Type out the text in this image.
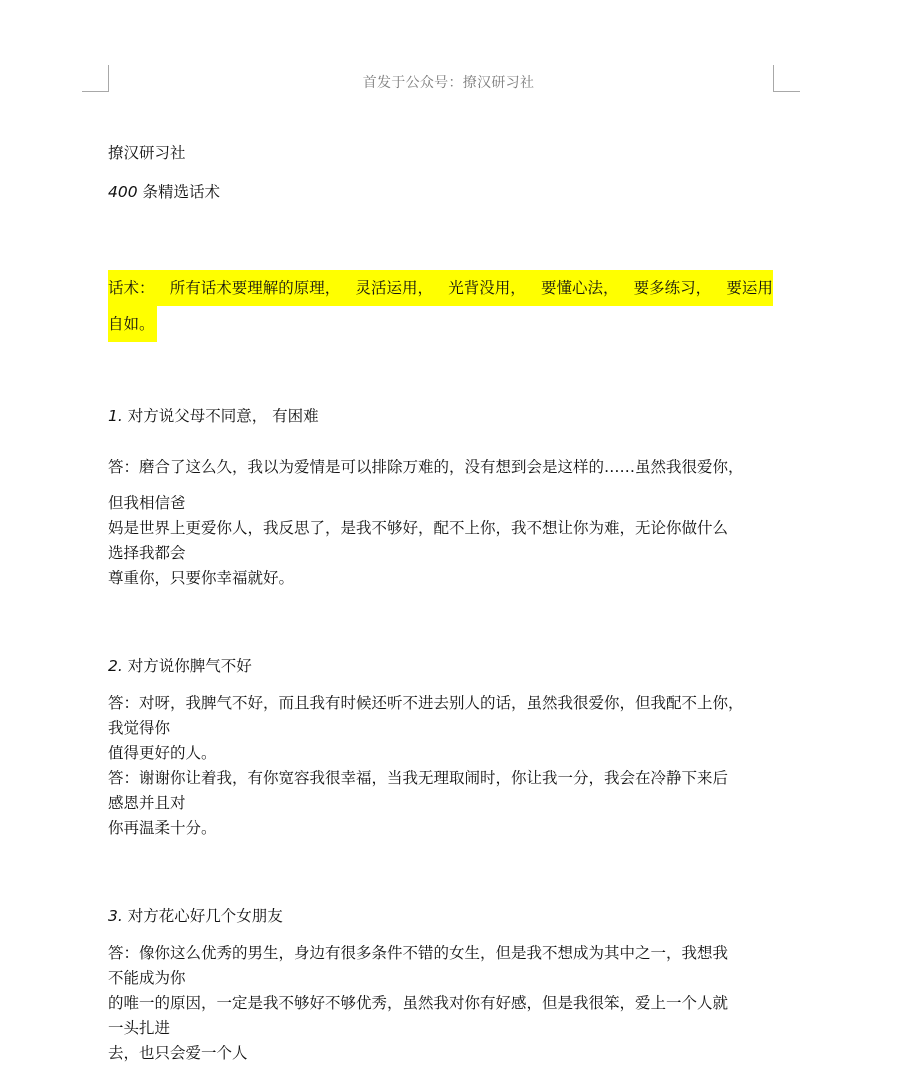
首发于公众号：撩汉研习社
撩汉研习社
400 条精选话术
话术： 所有话术要理解的原理， 灵活运用， 光背没用， 要懂心法， 要多练习， 要运用
自如。
1. 对方说父母不同意， 有困难
答：磨合了这么久，我以为爱情是可以排除万难的，没有想到会是这样的……虽然我很爱你，
但我相信爸
妈是世界上更爱你人，我反思了，是我不够好，配不上你，我不想让你为难，无论你做什么
选择我都会
尊重你，只要你幸福就好。
2. 对方说你脾气不好
答：对呀，我脾气不好，而且我有时候还听不进去别人的话，虽然我很爱你，但我配不上你，
我觉得你
值得更好的人。
答：谢谢你让着我，有你宽容我很幸福，当我无理取闹时，你让我一分，我会在冷静下来后
感恩并且对
你再温柔十分。
3. 对方花心好几个女朋友
答：像你这么优秀的男生，身边有很多条件不错的女生，但是我不想成为其中之一，我想我
不能成为你
的唯一的原因，一定是我不够好不够优秀，虽然我对你有好感，但是我很笨，爱上一个人就
一头扎进
去，也只会爱一个人
